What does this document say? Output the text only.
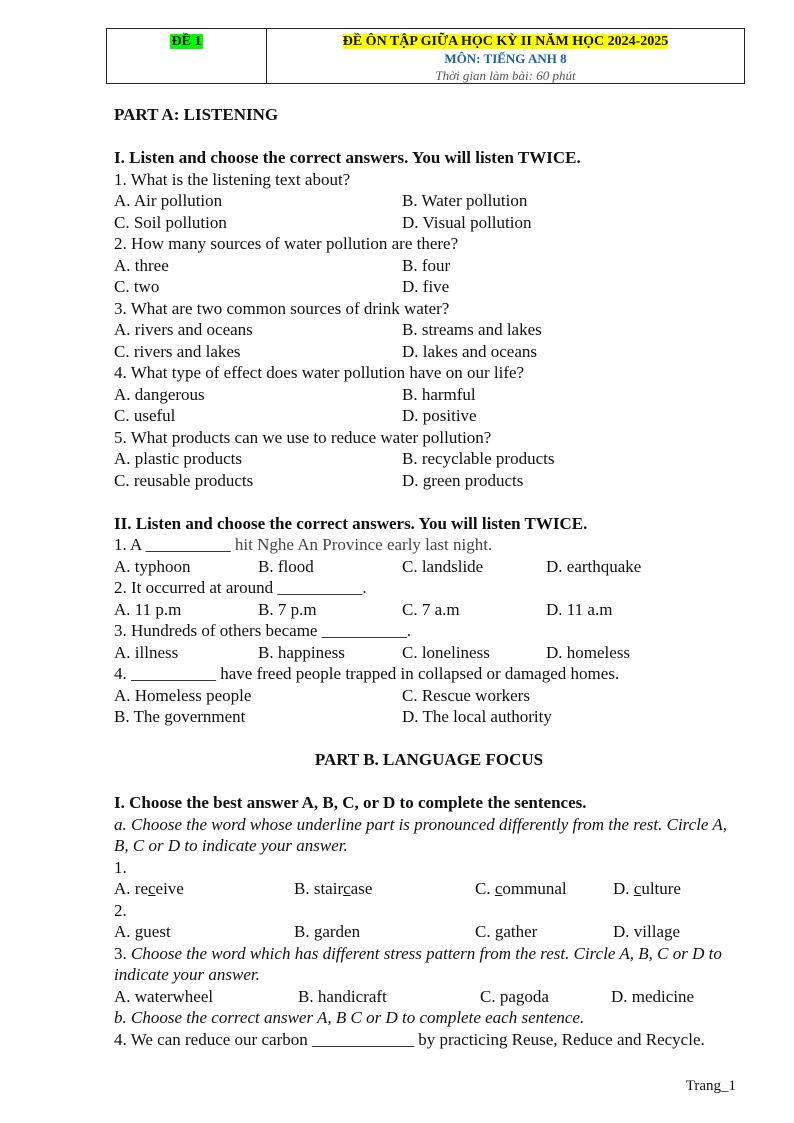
ĐỀ 1	ĐỀ ÔN TẬP GIỮA HỌC KỲ II NĂM HỌC 2024-2025
MÔN: TIẾNG ANH 8
Thời gian làm bài: 60 phút

PART A: LISTENING

I. Listen and choose the correct answers. You will listen TWICE.

1. What is the listening text about?

A. Air pollution	B. Water pollution
C. Soil pollution	D. Visual pollution

2. How many sources of water pollution are there?

A. three	B. four
C. two	D. five

3. What are two common sources of drink water?

A. rivers and oceans	B. streams and lakes
C. rivers and lakes	D. lakes and oceans

4. What type of effect does water pollution have on our life?

A. dangerous	B. harmful
C. useful	D. positive

5. What products can we use to reduce water pollution?

A. plastic products	B. recyclable products
C. reusable products	D. green products

II. Listen and choose the correct answers. You will listen TWICE.

1. A __________ hit Nghe An Province early last night.

A. typhoon	B. flood	C. landslide	D. earthquake

2. It occurred at around __________.

A. 11 p.m	B. 7 p.m	C. 7 a.m	D. 11 a.m

3. Hundreds of others became __________.

A. illness	B. happiness	C. loneliness	D. homeless

4. __________ have freed people trapped in collapsed or damaged homes.

A. Homeless people	C. Rescue workers
B. The government	D. The local authority

PART B. LANGUAGE FOCUS

I. Choose the best answer A, B, C, or D to complete the sentences.

a. Choose the word whose underline part is pronounced differently from the rest. Circle A, B, C or D to indicate your answer.

1.

A. receive	B. staircase	C. communal	D. culture

2.

A. guest	B. garden	C. gather	D. village

3. Choose the word which has different stress pattern from the rest. Circle A, B, C or D to indicate your answer.

A. waterwheel	B. handicraft	C. pagoda	D. medicine

b. Choose the correct answer A, B C or D to complete each sentence.

4. We can reduce our carbon ____________ by practicing Reuse, Reduce and Recycle.

Trang_1
